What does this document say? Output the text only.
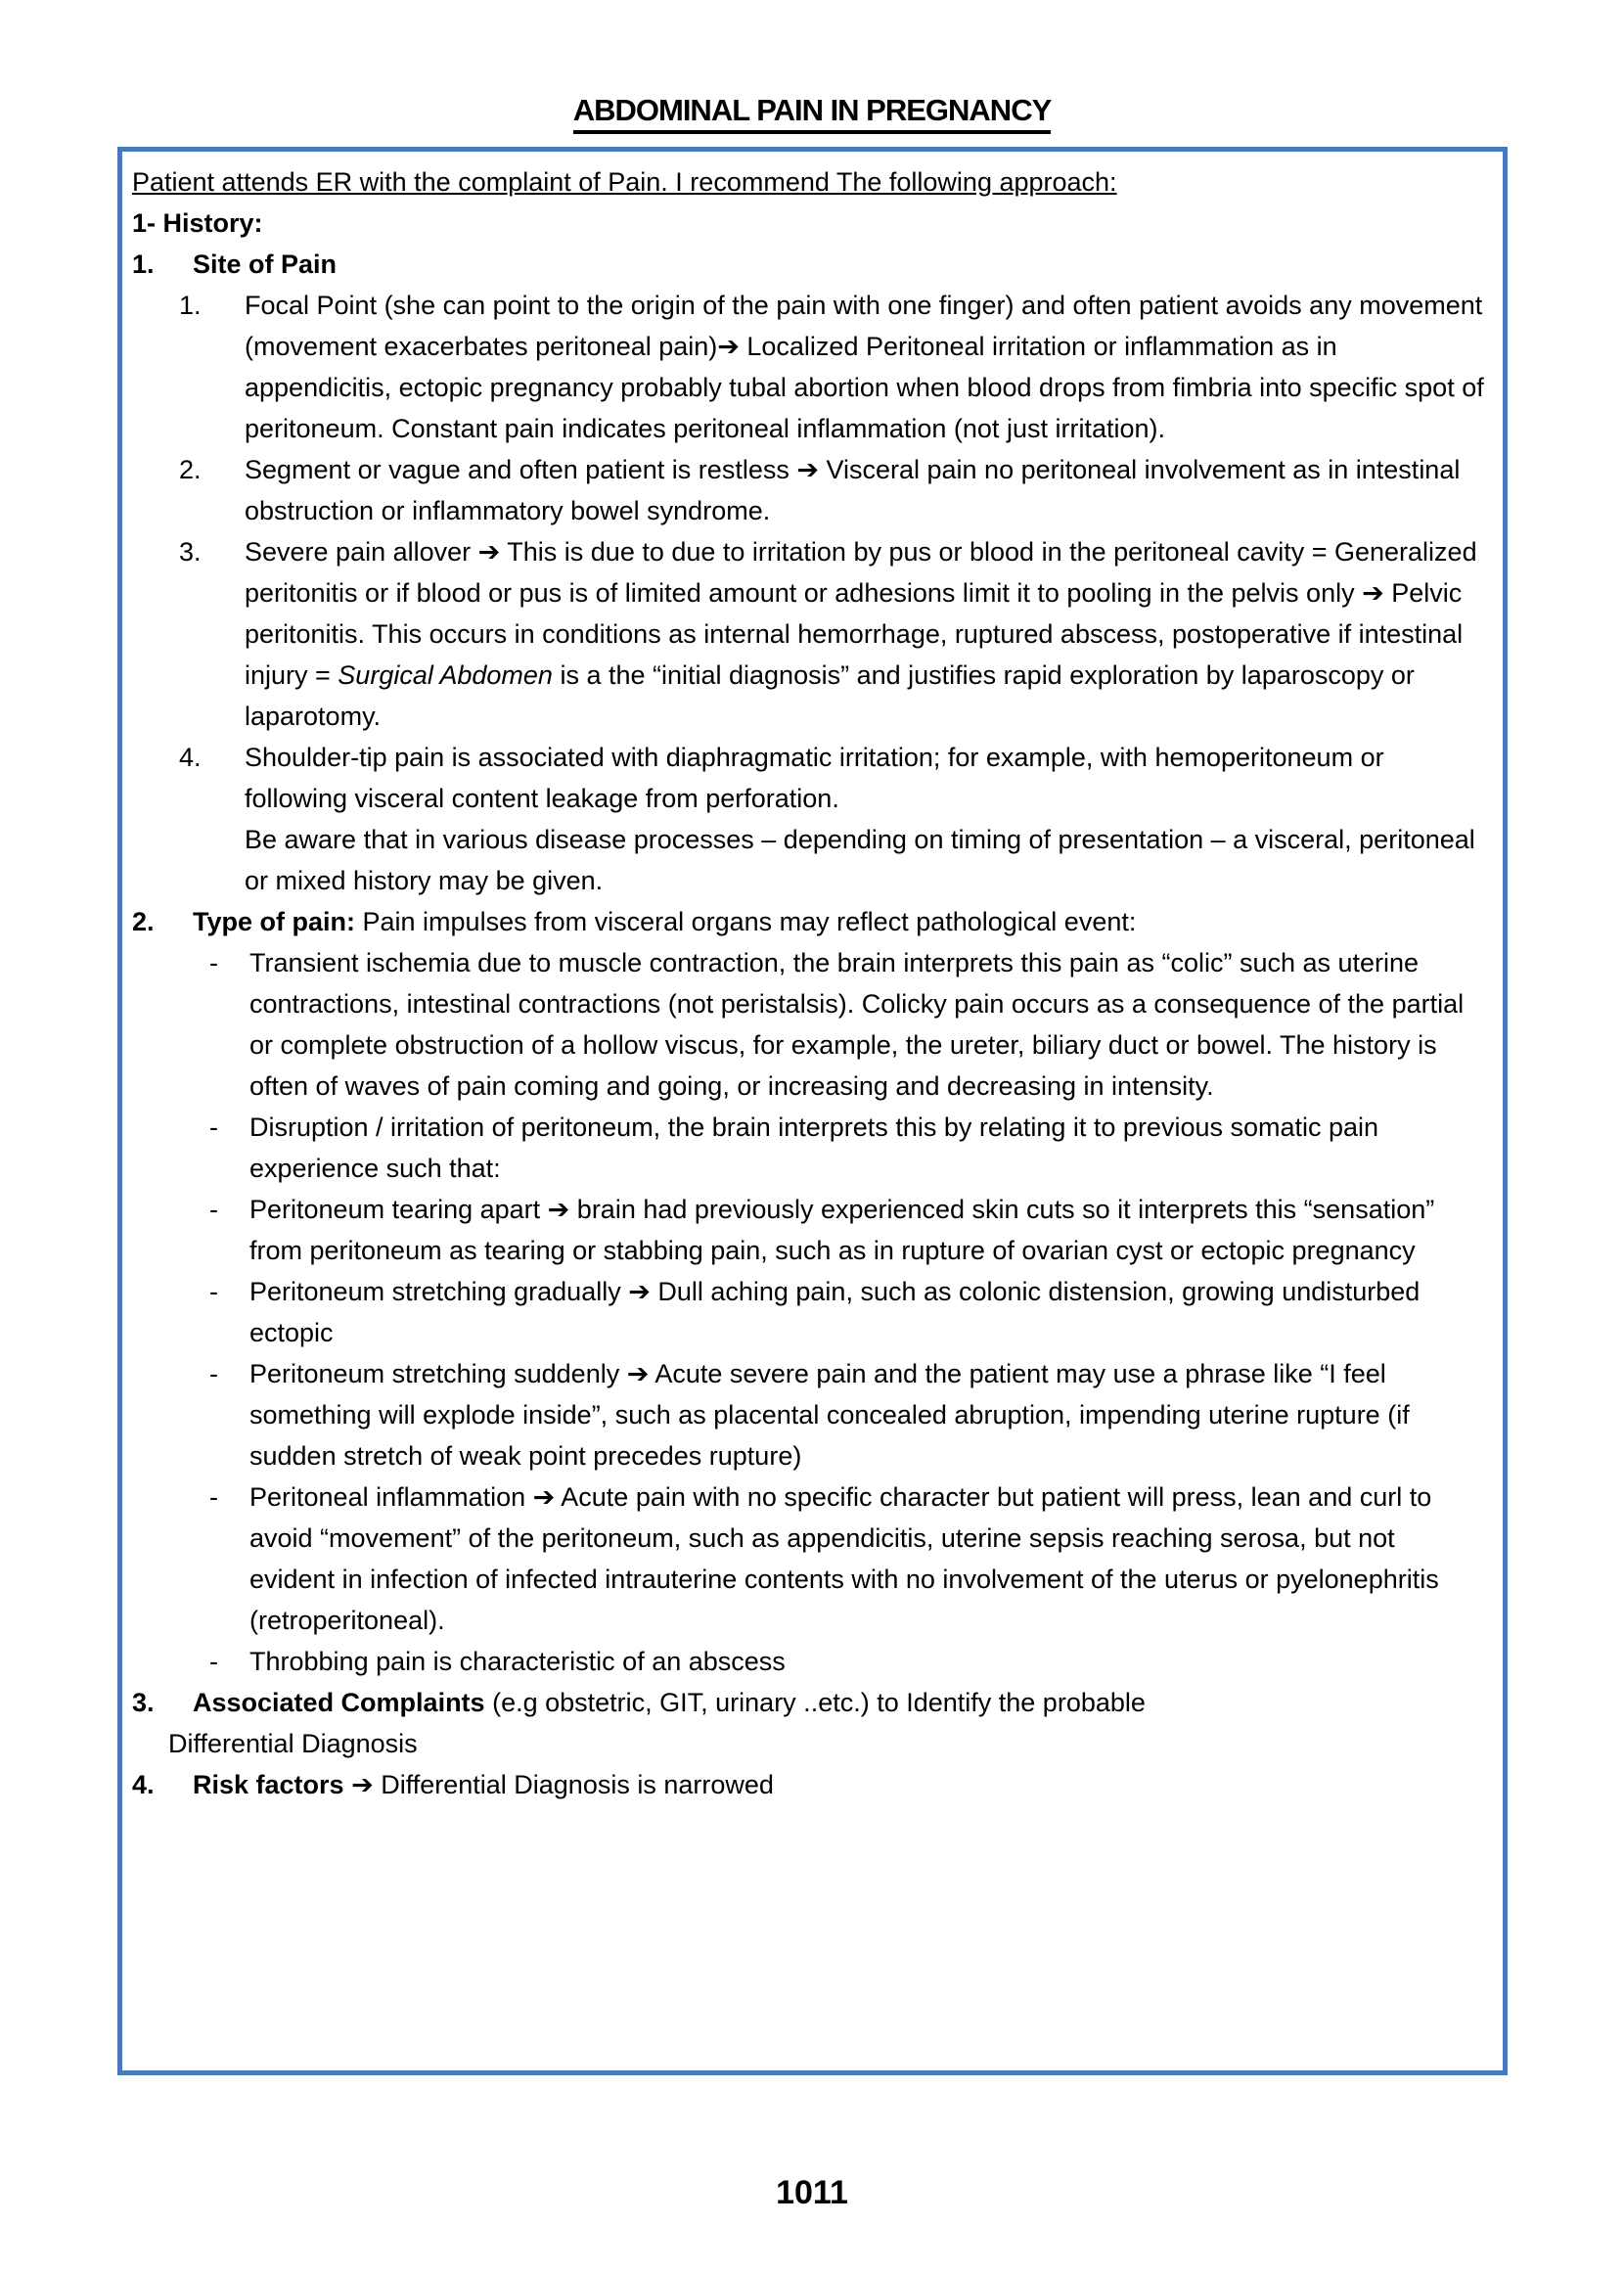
ABDOMINAL PAIN IN PREGNANCY
Patient attends ER with the complaint of Pain. I recommend The following approach:
1- History:
1.	Site of Pain
1.	Focal Point (she can point to the origin of the pain with one finger) and often patient avoids any movement (movement exacerbates peritoneal pain)➔ Localized Peritoneal irritation or inflammation as in appendicitis, ectopic pregnancy probably tubal abortion when blood drops from fimbria into specific spot of peritoneum. Constant pain indicates peritoneal inflammation (not just irritation).
2.	Segment or vague and often patient is restless ➔ Visceral pain no peritoneal involvement as in intestinal obstruction or inflammatory bowel syndrome.
3.	Severe pain allover ➔ This is due to due to irritation by pus or blood in the peritoneal cavity = Generalized peritonitis or if blood or pus is of limited amount or adhesions limit it to pooling in the pelvis only ➔ Pelvic peritonitis. This occurs in conditions as internal hemorrhage, ruptured abscess, postoperative if intestinal injury = Surgical Abdomen is a the “initial diagnosis” and justifies rapid exploration by laparoscopy or laparotomy.
4.	Shoulder-tip pain is associated with diaphragmatic irritation; for example, with hemoperitoneum or following visceral content leakage from perforation.
Be aware that in various disease processes – depending on timing of presentation – a visceral, peritoneal or mixed history may be given.
2.	Type of pain: Pain impulses from visceral organs may reflect pathological event:
-	Transient ischemia due to muscle contraction, the brain interprets this pain as “colic” such as uterine contractions, intestinal contractions (not peristalsis). Colicky pain occurs as a consequence of the partial or complete obstruction of a hollow viscus, for example, the ureter, biliary duct or bowel. The history is often of waves of pain coming and going, or increasing and decreasing in intensity.
-	Disruption / irritation of peritoneum, the brain interprets this by relating it to previous somatic pain experience such that:
-	Peritoneum tearing apart ➔ brain had previously experienced skin cuts so it interprets this “sensation” from peritoneum as tearing or stabbing pain, such as in rupture of ovarian cyst or ectopic pregnancy
-	Peritoneum stretching gradually ➔ Dull aching pain, such as colonic distension, growing undisturbed ectopic
-	Peritoneum stretching suddenly ➔ Acute severe pain and the patient may use a phrase like “I feel something will explode inside”, such as placental concealed abruption, impending uterine rupture (if sudden stretch of weak point precedes rupture)
-	Peritoneal inflammation ➔ Acute pain with no specific character but patient will press, lean and curl to avoid “movement” of the peritoneum, such as appendicitis, uterine sepsis reaching serosa, but not evident in infection of infected intrauterine contents with no involvement of the uterus or pyelonephritis (retroperitoneal).
-	Throbbing pain is characteristic of an abscess
3.	Associated Complaints (e.g obstetric, GIT, urinary ..etc.) to Identify the probable
Differential Diagnosis
4.	Risk factors ➔ Differential Diagnosis is narrowed
1011
